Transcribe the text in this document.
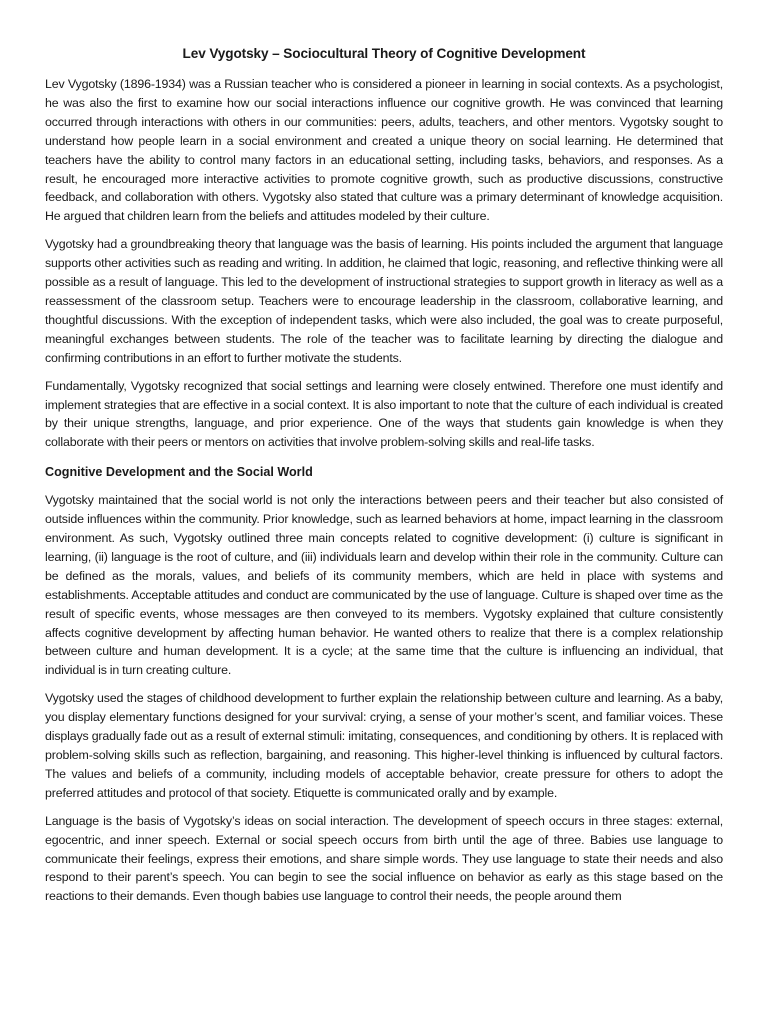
Lev Vygotsky – Sociocultural Theory of Cognitive Development

Lev Vygotsky (1896-1934) was a Russian teacher who is considered a pioneer in learning in social contexts. As a psychologist, he was also the first to examine how our social interactions influence our cognitive growth. He was convinced that learning occurred through interactions with others in our communities: peers, adults, teachers, and other mentors. Vygotsky sought to understand how people learn in a social environment and created a unique theory on social learning. He determined that teachers have the ability to control many factors in an educational setting, including tasks, behaviors, and responses. As a result, he encouraged more interactive activities to promote cognitive growth, such as productive discussions, constructive feedback, and collaboration with others. Vygotsky also stated that culture was a primary determinant of knowledge acquisition. He argued that children learn from the beliefs and attitudes modeled by their culture.

Vygotsky had a groundbreaking theory that language was the basis of learning. His points included the argument that language supports other activities such as reading and writing. In addition, he claimed that logic, reasoning, and reflective thinking were all possible as a result of language. This led to the development of instructional strategies to support growth in literacy as well as a reassessment of the classroom setup. Teachers were to encourage leadership in the classroom, collaborative learning, and thoughtful discussions. With the exception of independent tasks, which were also included, the goal was to create purposeful, meaningful exchanges between students. The role of the teacher was to facilitate learning by directing the dialogue and confirming contributions in an effort to further motivate the students.

Fundamentally, Vygotsky recognized that social settings and learning were closely entwined. Therefore one must identify and implement strategies that are effective in a social context. It is also important to note that the culture of each individual is created by their unique strengths, language, and prior experience. One of the ways that students gain knowledge is when they collaborate with their peers or mentors on activities that involve problem-solving skills and real-life tasks.

Cognitive Development and the Social World

Vygotsky maintained that the social world is not only the interactions between peers and their teacher but also consisted of outside influences within the community. Prior knowledge, such as learned behaviors at home, impact learning in the classroom environment. As such, Vygotsky outlined three main concepts related to cognitive development: (i) culture is significant in learning, (ii) language is the root of culture, and (iii) individuals learn and develop within their role in the community. Culture can be defined as the morals, values, and beliefs of its community members, which are held in place with systems and establishments. Acceptable attitudes and conduct are communicated by the use of language. Culture is shaped over time as the result of specific events, whose messages are then conveyed to its members. Vygotsky explained that culture consistently affects cognitive development by affecting human behavior. He wanted others to realize that there is a complex relationship between culture and human development. It is a cycle; at the same time that the culture is influencing an individual, that individual is in turn creating culture.

Vygotsky used the stages of childhood development to further explain the relationship between culture and learning. As a baby, you display elementary functions designed for your survival: crying, a sense of your mother’s scent, and familiar voices. These displays gradually fade out as a result of external stimuli: imitating, consequences, and conditioning by others. It is replaced with problem-solving skills such as reflection, bargaining, and reasoning. This higher-level thinking is influenced by cultural factors. The values and beliefs of a community, including models of acceptable behavior, create pressure for others to adopt the preferred attitudes and protocol of that society. Etiquette is communicated orally and by example.

Language is the basis of Vygotsky’s ideas on social interaction. The development of speech occurs in three stages: external, egocentric, and inner speech. External or social speech occurs from birth until the age of three. Babies use language to communicate their feelings, express their emotions, and share simple words. They use language to state their needs and also respond to their parent’s speech. You can begin to see the social influence on behavior as early as this stage based on the reactions to their demands. Even though babies use language to control their needs, the people around them
